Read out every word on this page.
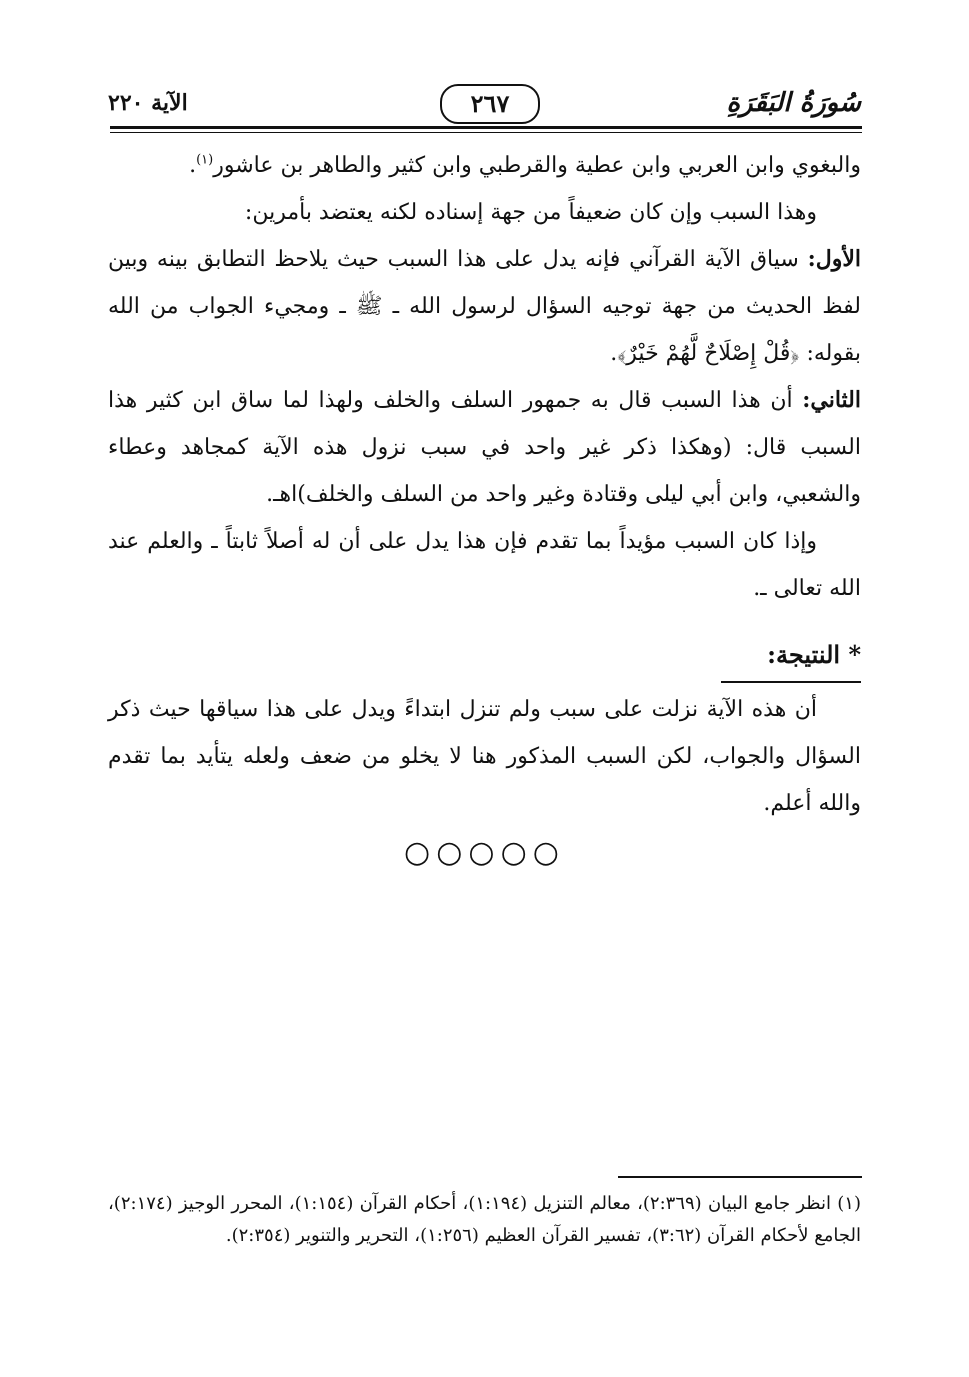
سُورَةُ البَقَرَةِ
٢٦٧
الآية ٢٢٠

والبغوي وابن العربي وابن عطية والقرطبي وابن كثير والطاهر بن عاشور$^{(١)}$.

وهذا السبب وإن كان ضعيفاً من جهة إسناده لكنه يعتضد بأمرين:

الأول: سياق الآية القرآني فإنه يدل على هذا السبب حيث يلاحظ التطابق بينه وبين لفظ الحديث من جهة توجيه السؤال لرسول الله ـ ﷺ ـ ومجيء الجواب من الله بقوله: ﴿قُلْ إِصْلَاحٌ لَّهُمْ خَيْرٌ﴾.

الثاني: أن هذا السبب قال به جمهور السلف والخلف ولهذا لما ساق ابن كثير هذا السبب قال: (وهكذا ذكر غير واحد في سبب نزول هذه الآية كمجاهد وعطاء والشعبي، وابن أبي ليلى وقتادة وغير واحد من السلف والخلف)اهـ.

وإذا كان السبب مؤيداً بما تقدم فإن هذا يدل على أن له أصلاً ثابتاً ـ والعلم عند الله تعالى ـ.

* النتيجة:

أن هذه الآية نزلت على سبب ولم تنزل ابتداءً ويدل على هذا سياقها حيث ذكر السؤال والجواب، لكن السبب المذكور هنا لا يخلو من ضعف ولعله يتأيد بما تقدم والله أعلم.

○○○○○
(١) انظر جامع البيان (٢:٣٦٩)، معالم التنزيل (١:١٩٤)، أحكام القرآن (١:١٥٤)، المحرر الوجيز (٢:١٧٤)، الجامع لأحكام القرآن (٣:٦٢)، تفسير القرآن العظيم (١:٢٥٦)، التحرير والتنوير (٢:٣٥٤).
